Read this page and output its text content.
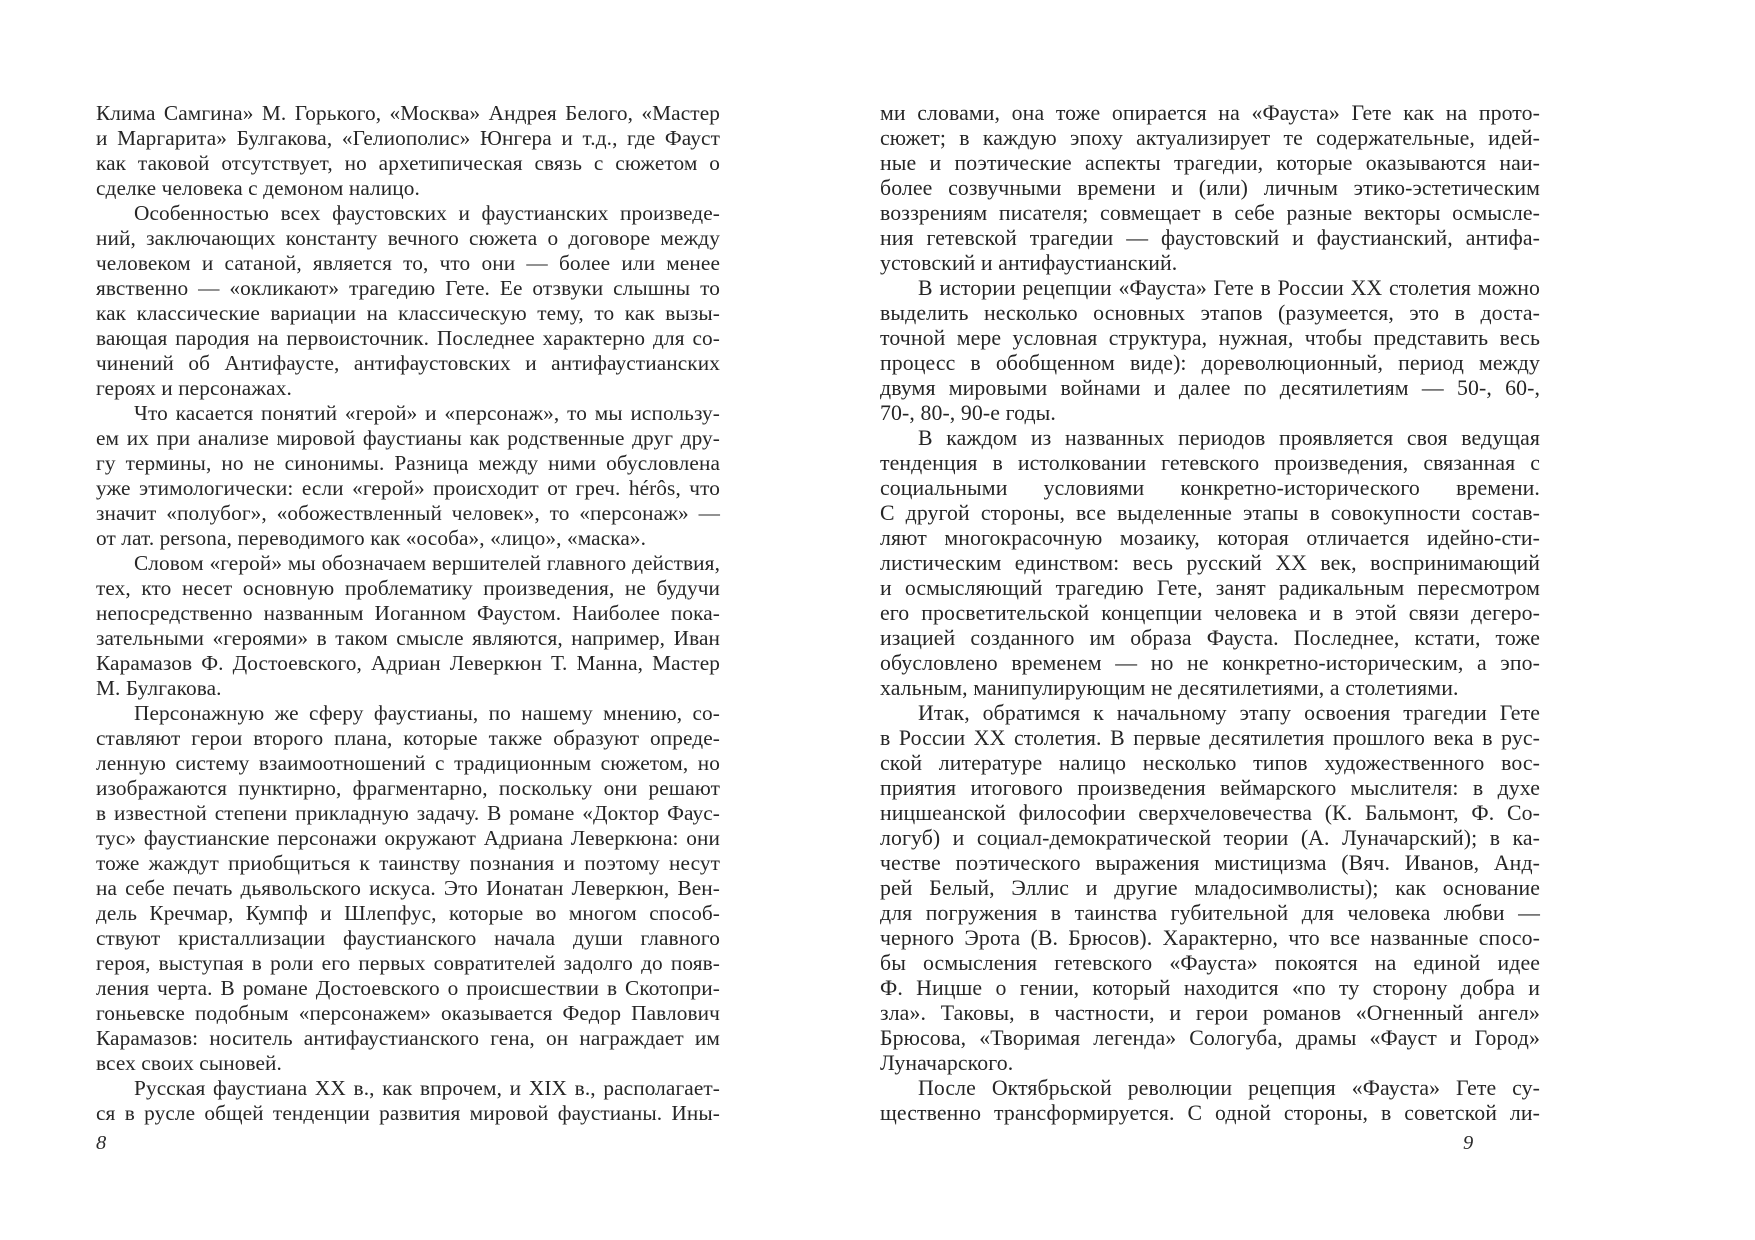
Клима Самгина» М. Горького, «Москва» Андрея Белого, «Мастер
и Маргарита» Булгакова, «Гелиополис» Юнгера и т.д., где Фауст
как таковой отсутствует, но архетипическая связь с сюжетом о
сделке человека с демоном налицо.
Особенностью всех фаустовских и фаустианских произведе-
ний, заключающих константу вечного сюжета о договоре между
человеком и сатаной, является то, что они — более или менее
явственно — «окликают» трагедию Гете. Ее отзвуки слышны то
как классические вариации на классическую тему, то как вызы-
вающая пародия на первоисточник. Последнее характерно для со-
чинений об Антифаусте, антифаустовских и антифаустианских
героях и персонажах.
Что касается понятий «герой» и «персонаж», то мы использу-
ем их при анализе мировой фаустианы как родственные друг дру-
гу термины, но не синонимы. Разница между ними обусловлена
уже этимологически: если «герой» происходит от греч. hérôs, что
значит «полубог», «обожествленный человек», то «персонаж» —
от лат. persona, переводимого как «особа», «лицо», «маска».
Словом «герой» мы обозначаем вершителей главного действия,
тех, кто несет основную проблематику произведения, не будучи
непосредственно названным Иоганном Фаустом. Наиболее пока-
зательными «героями» в таком смысле являются, например, Иван
Карамазов Ф. Достоевского, Адриан Леверкюн Т. Манна, Мастер
М. Булгакова.
Персонажную же сферу фаустианы, по нашему мнению, со-
ставляют герои второго плана, которые также образуют опреде-
ленную систему взаимоотношений с традиционным сюжетом, но
изображаются пунктирно, фрагментарно, поскольку они решают
в известной степени прикладную задачу. В романе «Доктор Фаус-
тус» фаустианские персонажи окружают Адриана Леверкюна: они
тоже жаждут приобщиться к таинству познания и поэтому несут
на себе печать дьявольского искуса. Это Ионатан Леверкюн, Вен-
дель Кречмар, Кумпф и Шлепфус, которые во многом способ-
ствуют кристаллизации фаустианского начала души главного
героя, выступая в роли его первых совратителей задолго до появ-
ления черта. В романе Достоевского о происшествии в Скотопри-
гоньевске подобным «персонажем» оказывается Федор Павлович
Карамазов: носитель антифаустианского гена, он награждает им
всех своих сыновей.
Русская фаустиана XX в., как впрочем, и XIX в., располагает-
ся в русле общей тенденции развития мировой фаустианы. Ины-
ми словами, она тоже опирается на «Фауста» Гете как на прото-
сюжет; в каждую эпоху актуализирует те содержательные, идей-
ные и поэтические аспекты трагедии, которые оказываются наи-
более созвучными времени и (или) личным этико-эстетическим
воззрениям писателя; совмещает в себе разные векторы осмысле-
ния гетевской трагедии — фаустовский и фаустианский, антифа-
устовский и антифаустианский.
В истории рецепции «Фауста» Гете в России XX столетия можно
выделить несколько основных этапов (разумеется, это в доста-
точной мере условная структура, нужная, чтобы представить весь
процесс в обобщенном виде): дореволюционный, период между
двумя мировыми войнами и далее по десятилетиям — 50-, 60-,
70-, 80-, 90-е годы.
В каждом из названных периодов проявляется своя ведущая
тенденция в истолковании гетевского произведения, связанная с
социальными условиями конкретно-исторического времени.
С другой стороны, все выделенные этапы в совокупности состав-
ляют многокрасочную мозаику, которая отличается идейно-сти-
листическим единством: весь русский XX век, воспринимающий
и осмысляющий трагедию Гете, занят радикальным пересмотром
его просветительской концепции человека и в этой связи дегеро-
изацией созданного им образа Фауста. Последнее, кстати, тоже
обусловлено временем — но не конкретно-историческим, а эпо-
хальным, манипулирующим не десятилетиями, а столетиями.
Итак, обратимся к начальному этапу освоения трагедии Гете
в России XX столетия. В первые десятилетия прошлого века в рус-
ской литературе налицо несколько типов художественного вос-
приятия итогового произведения веймарского мыслителя: в духе
ницшеанской философии сверхчеловечества (К. Бальмонт, Ф. Со-
логуб) и социал-демократической теории (А. Луначарский); в ка-
честве поэтического выражения мистицизма (Вяч. Иванов, Анд-
рей Белый, Эллис и другие младосимволисты); как основание
для погружения в таинства губительной для человека любви —
черного Эрота (В. Брюсов). Характерно, что все названные спосо-
бы осмысления гетевского «Фауста» покоятся на единой идее
Ф. Ницше о гении, который находится «по ту сторону добра и
зла». Таковы, в частности, и герои романов «Огненный ангел»
Брюсова, «Творимая легенда» Сологуба, драмы «Фауст и Город»
Луначарского.
После Октябрьской революции рецепция «Фауста» Гете су-
щественно трансформируется. С одной стороны, в советской ли-
8	9
